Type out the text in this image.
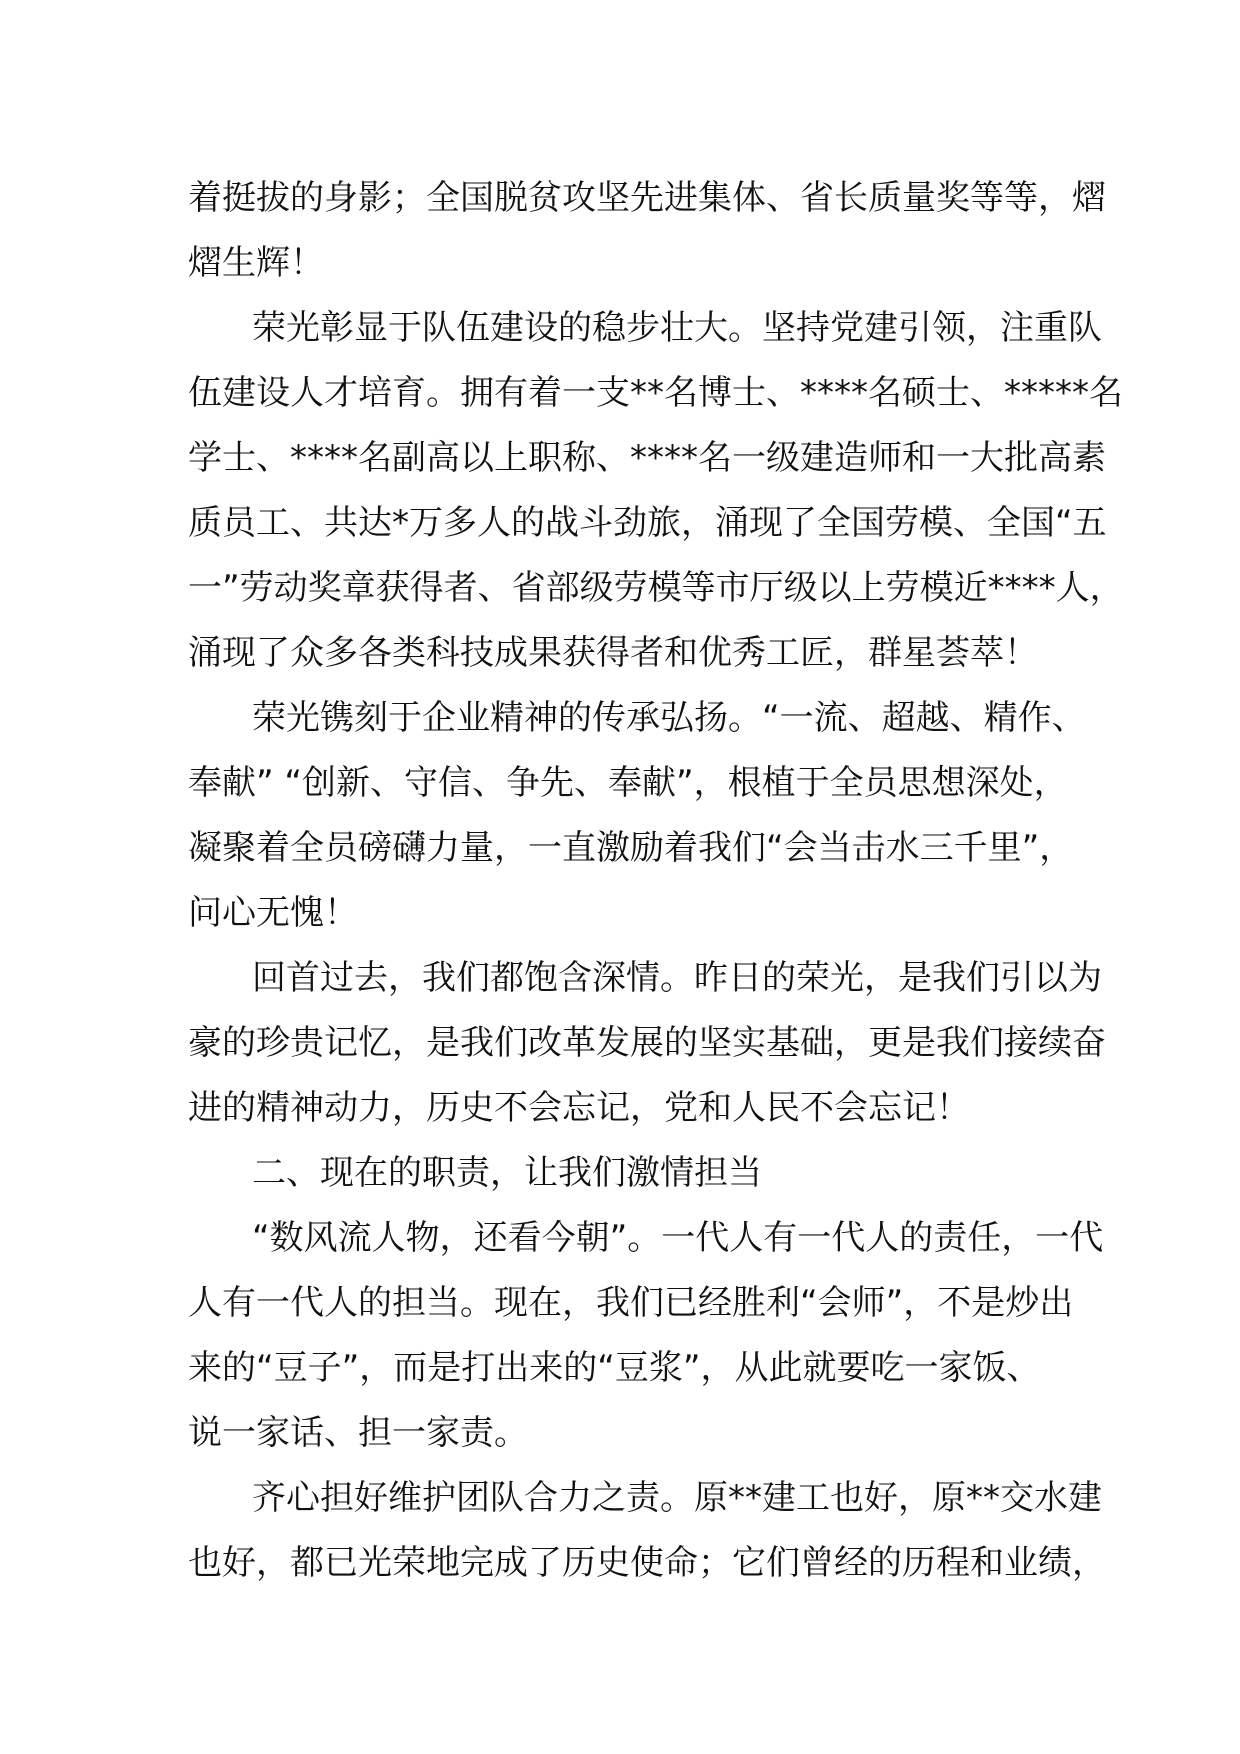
着挺拔的身影；全国脱贫攻坚先进集体、省长质量奖等等，熠
熠生辉！
荣光彰显于队伍建设的稳步壮大。坚持党建引领，注重队
伍建设人才培育。拥有着一支**名博士、****名硕士、*****名
学士、****名副高以上职称、****名一级建造师和一大批高素
质员工、共达*万多人的战斗劲旅，涌现了全国劳模、全国“五
一”劳动奖章获得者、省部级劳模等市厅级以上劳模近****人，
涌现了众多各类科技成果获得者和优秀工匠，群星荟萃！
荣光镌刻于企业精神的传承弘扬。“一流、超越、精作、
奉献” “创新、守信、争先、奉献”，根植于全员思想深处，
凝聚着全员磅礴力量，一直激励着我们“会当击水三千里”，
问心无愧！
回首过去，我们都饱含深情。昨日的荣光，是我们引以为
豪的珍贵记忆，是我们改革发展的坚实基础，更是我们接续奋
进的精神动力，历史不会忘记，党和人民不会忘记！
二、现在的职责，让我们激情担当
“数风流人物，还看今朝”。一代人有一代人的责任，一代
人有一代人的担当。现在，我们已经胜利“会师”，不是炒出
来的“豆子”，而是打出来的“豆浆”，从此就要吃一家饭、
说一家话、担一家责。
齐心担好维护团队合力之责。原**建工也好，原**交水建
也好，都已光荣地完成了历史使命；它们曾经的历程和业绩，
